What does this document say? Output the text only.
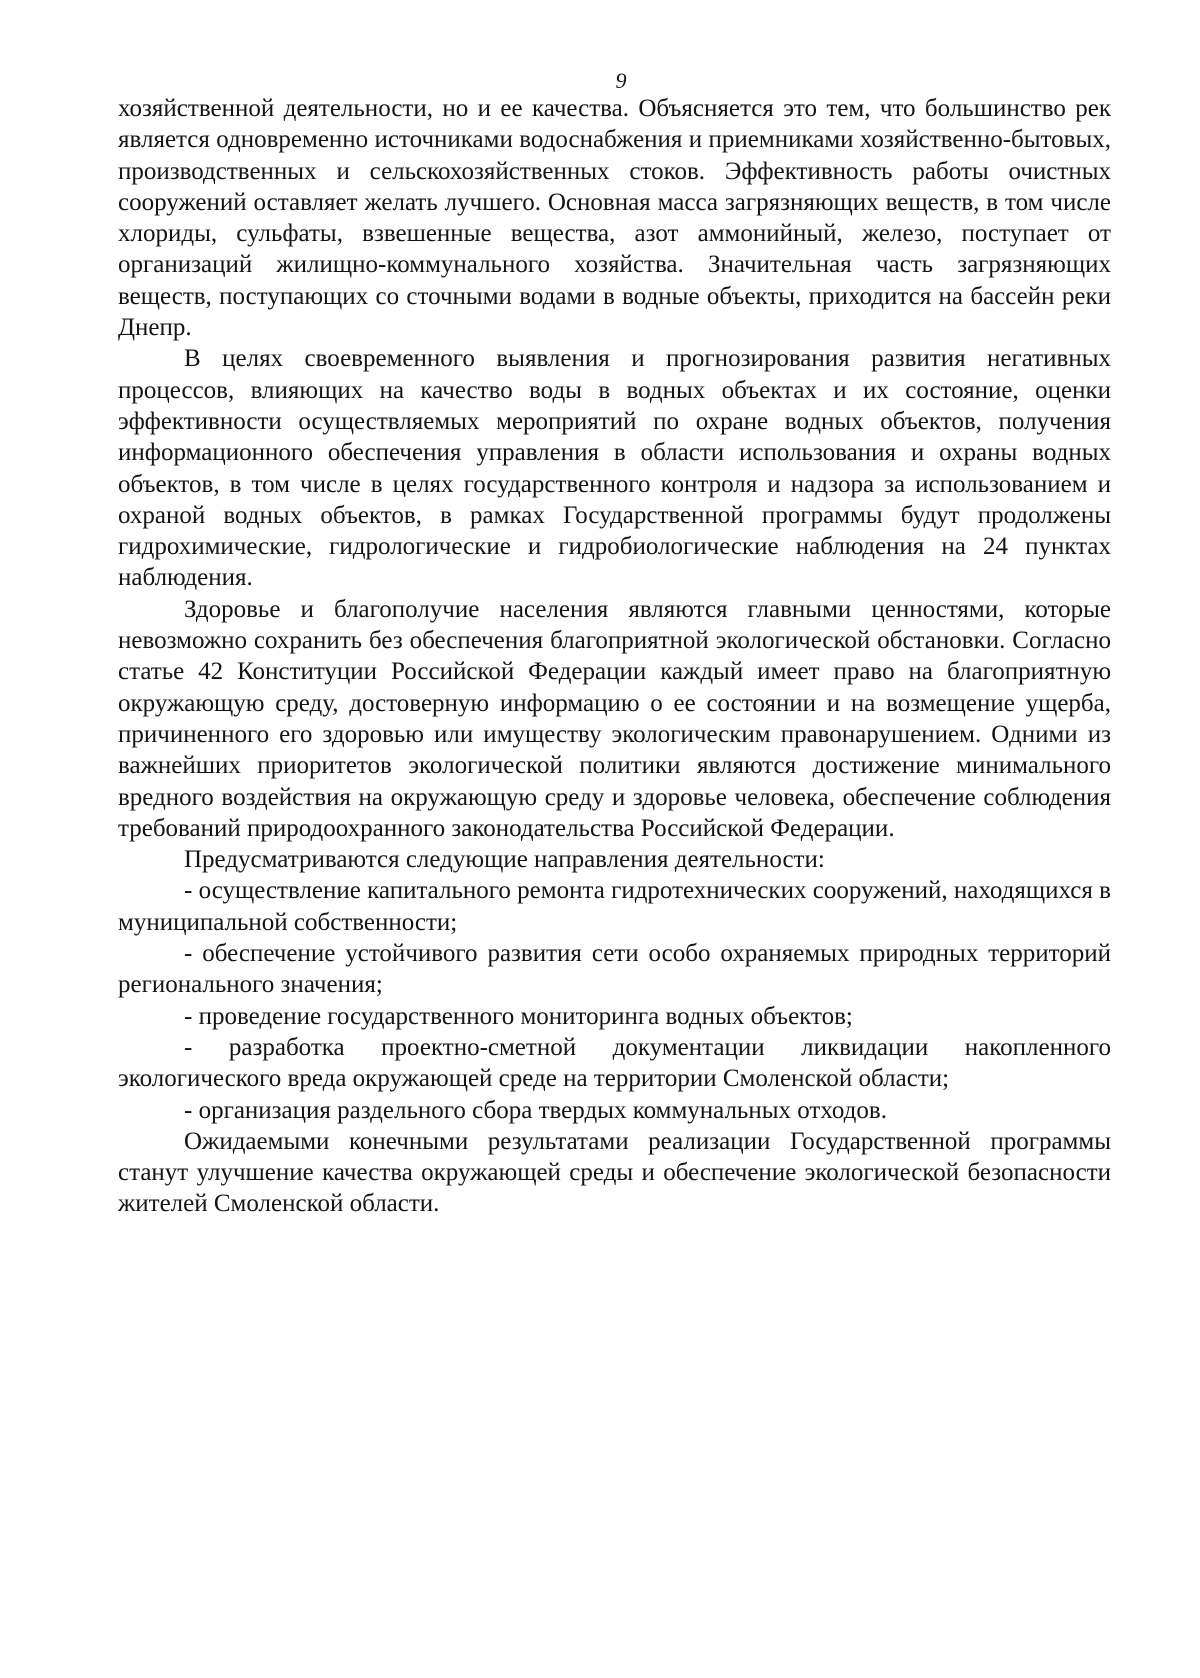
9

хозяйственной деятельности, но и ее качества. Объясняется это тем, что большинство рек является одновременно источниками водоснабжения и приемниками хозяйственно-бытовых, производственных и сельскохозяйственных стоков. Эффективность работы очистных сооружений оставляет желать лучшего. Основная масса загрязняющих веществ, в том числе хлориды, сульфаты, взвешенные вещества, азот аммонийный, железо, поступает от организаций жилищно-коммунального хозяйства. Значительная часть загрязняющих веществ, поступающих со сточными водами в водные объекты, приходится на бассейн реки Днепр.

В целях своевременного выявления и прогнозирования развития негативных процессов, влияющих на качество воды в водных объектах и их состояние, оценки эффективности осуществляемых мероприятий по охране водных объектов, получения информационного обеспечения управления в области использования и охраны водных объектов, в том числе в целях государственного контроля и надзора за использованием и охраной водных объектов, в рамках Государственной программы будут продолжены гидрохимические, гидрологические и гидробиологические наблюдения на 24 пунктах наблюдения.

Здоровье и благополучие населения являются главными ценностями, которые невозможно сохранить без обеспечения благоприятной экологической обстановки. Согласно статье 42 Конституции Российской Федерации каждый имеет право на благоприятную окружающую среду, достоверную информацию о ее состоянии и на возмещение ущерба, причиненного его здоровью или имуществу экологическим правонарушением. Одними из важнейших приоритетов экологической политики являются достижение минимального вредного воздействия на окружающую среду и здоровье человека, обеспечение соблюдения требований природоохранного законодательства Российской Федерации.

Предусматриваются следующие направления деятельности:

- осуществление капитального ремонта гидротехнических сооружений, находящихся в муниципальной собственности;

- обеспечение устойчивого развития сети особо охраняемых природных территорий регионального значения;

- проведение государственного мониторинга водных объектов;

- разработка проектно-сметной документации ликвидации накопленного экологического вреда окружающей среде на территории Смоленской области;

- организация раздельного сбора твердых коммунальных отходов.

Ожидаемыми конечными результатами реализации Государственной программы станут улучшение качества окружающей среды и обеспечение экологической безопасности жителей Смоленской области.
